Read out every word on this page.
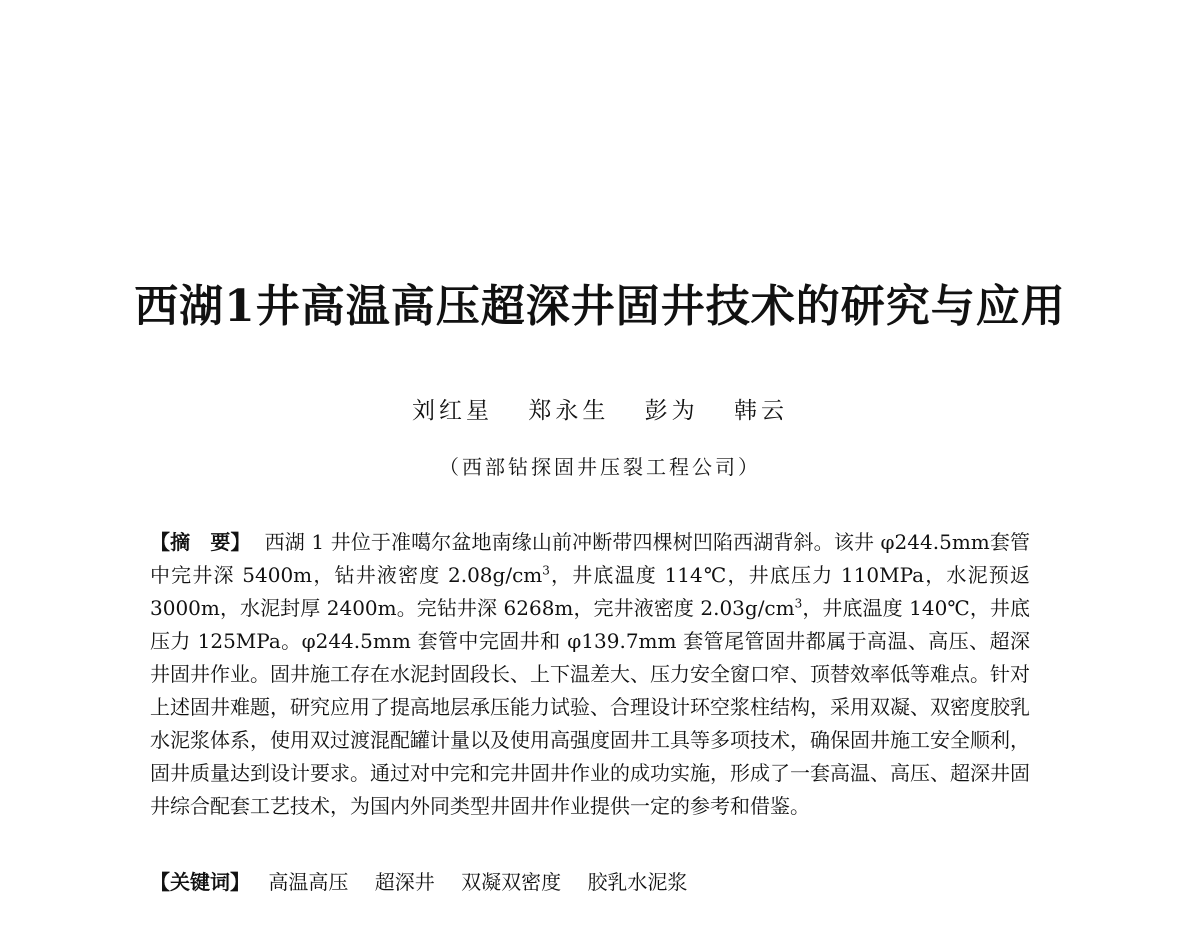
西湖1井高温高压超深井固井技术的研究与应用
刘红星 郑永生 彭为 韩云
（西部钻探固井压裂工程公司）
【摘　要】 西湖 1 井位于准噶尔盆地南缘山前冲断带四棵树凹陷西湖背斜。该井 φ244.5mm套管中完井深 5400m，钻井液密度 $2.08g/cm^3$，井底温度 114℃，井底压力 110MPa，水泥预返 3000m，水泥封厚 2400m。完钻井深 6268m，完井液密度 $2.03g/cm^3$，井底温度 140℃，井底压力 125MPa。φ244.5mm 套管中完固井和 φ139.7mm 套管尾管固井都属于高温、高压、超深井固井作业。固井施工存在水泥封固段长、上下温差大、压力安全窗口窄、顶替效率低等难点。针对上述固井难题，研究应用了提高地层承压能力试验、合理设计环空浆柱结构，采用双凝、双密度胶乳水泥浆体系，使用双过渡混配罐计量以及使用高强度固井工具等多项技术，确保固井施工安全顺利，固井质量达到设计要求。通过对中完和完井固井作业的成功实施，形成了一套高温、高压、超深井固井综合配套工艺技术，为国内外同类型井固井作业提供一定的参考和借鉴。
【关键词】 高温高压 超深井 双凝双密度 胶乳水泥浆
